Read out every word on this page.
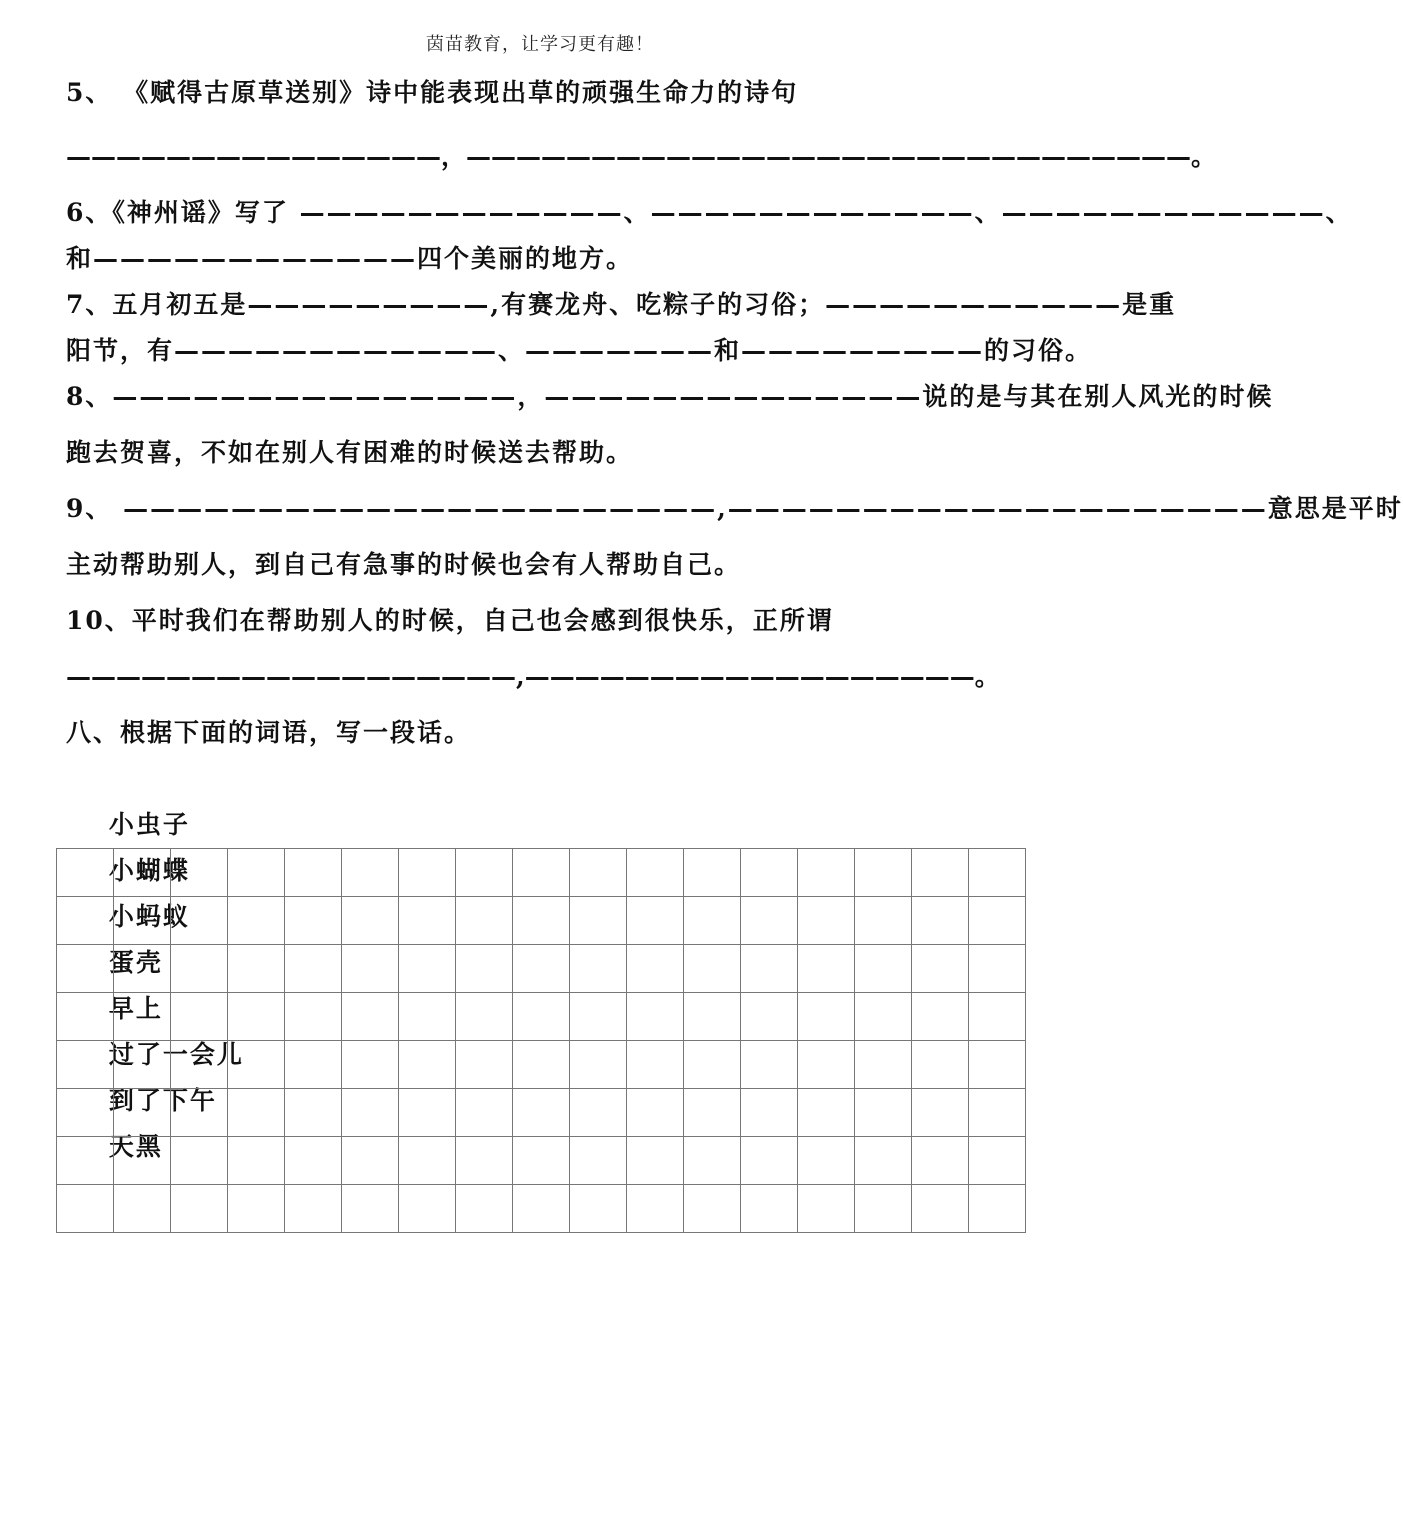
茵苗教育，让学习更有趣！
5、 《赋得古原草送别》诗中能表现出草的顽强生命力的诗句
———————————————，—————————————————————————————。
6、《神州谣》写了 ————————————、————————————、————————————、
和————————————四个美丽的地方。
7、五月初五是—————————,有赛龙舟、吃粽子的习俗；———————————是重
阳节，有————————————、———————和—————————的习俗。
8、———————————————，——————————————说的是与其在别人风光的时候
跑去贺喜，不如在别人有困难的时候送去帮助。
9、 ——————————————————————,————————————————————意思是平时
主动帮助别人，到自己有急事的时候也会有人帮助自己。
10、平时我们在帮助别人的时候，自己也会感到很快乐，正所谓
——————————————————,——————————————————。
八、根据下面的词语，写一段话。

小虫子
小蝴蝶
小蚂蚁
蛋壳
早上
过了一会儿
到了下午
天黑
